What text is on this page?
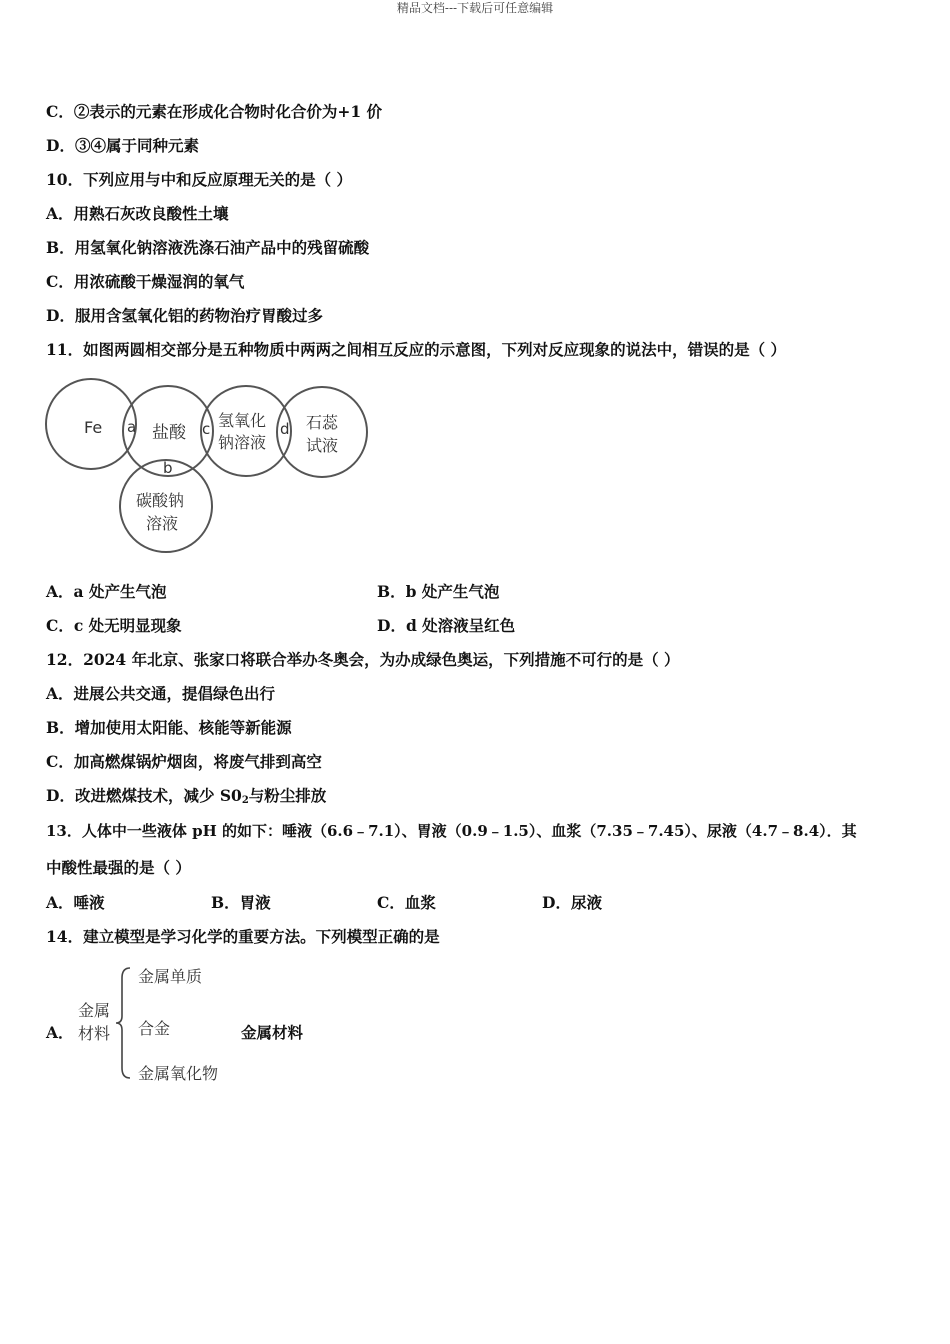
精品文档---下载后可任意编辑
C．②表示的元素在形成化合物时化合价为+1 价
D．③④属于同种元素
10．下列应用与中和反应原理无关的是（ ）
A．用熟石灰改良酸性土壤
B．用氢氧化钠溶液洗涤石油产品中的残留硫酸
C．用浓硫酸干燥湿润的氧气
D．服用含氢氧化铝的药物治疗胃酸过多
11．如图两圆相交部分是五种物质中两两之间相互反应的示意图，下列对反应现象的说法中，错误的是（ ）
Fe	盐酸
氢氧化
钠溶液
石蕊
试液
碳酸钠
溶液
a
b
c	d
A．a 处产生气泡	B．b 处产生气泡
C．c 处无明显现象	D．d 处溶液呈红色
12．2024 年北京、张家口将联合举办冬奥会，为办成绿色奥运，下列措施不可行的是（ ）
A．进展公共交通，提倡绿色出行
B．增加使用太阳能、核能等新能源
C．加高燃煤锅炉烟囱，将废气排到高空
D．改进燃煤技术，减少 $S0_2$与粉尘排放
13．人体中一些液体 pH 的如下：唾液（6.6﹣7.1）、胃液（0.9﹣1.5）、血浆（7.35﹣7.45）、尿液（4.7﹣8.4）．其
中酸性最强的是（ ）
A．唾液	B．胃液	C．血浆	D．尿液
14．建立模型是学习化学的重要方法。下列模型正确的是
A．
金属
材料
金属单质
合金
金属氧化物
金属材料
